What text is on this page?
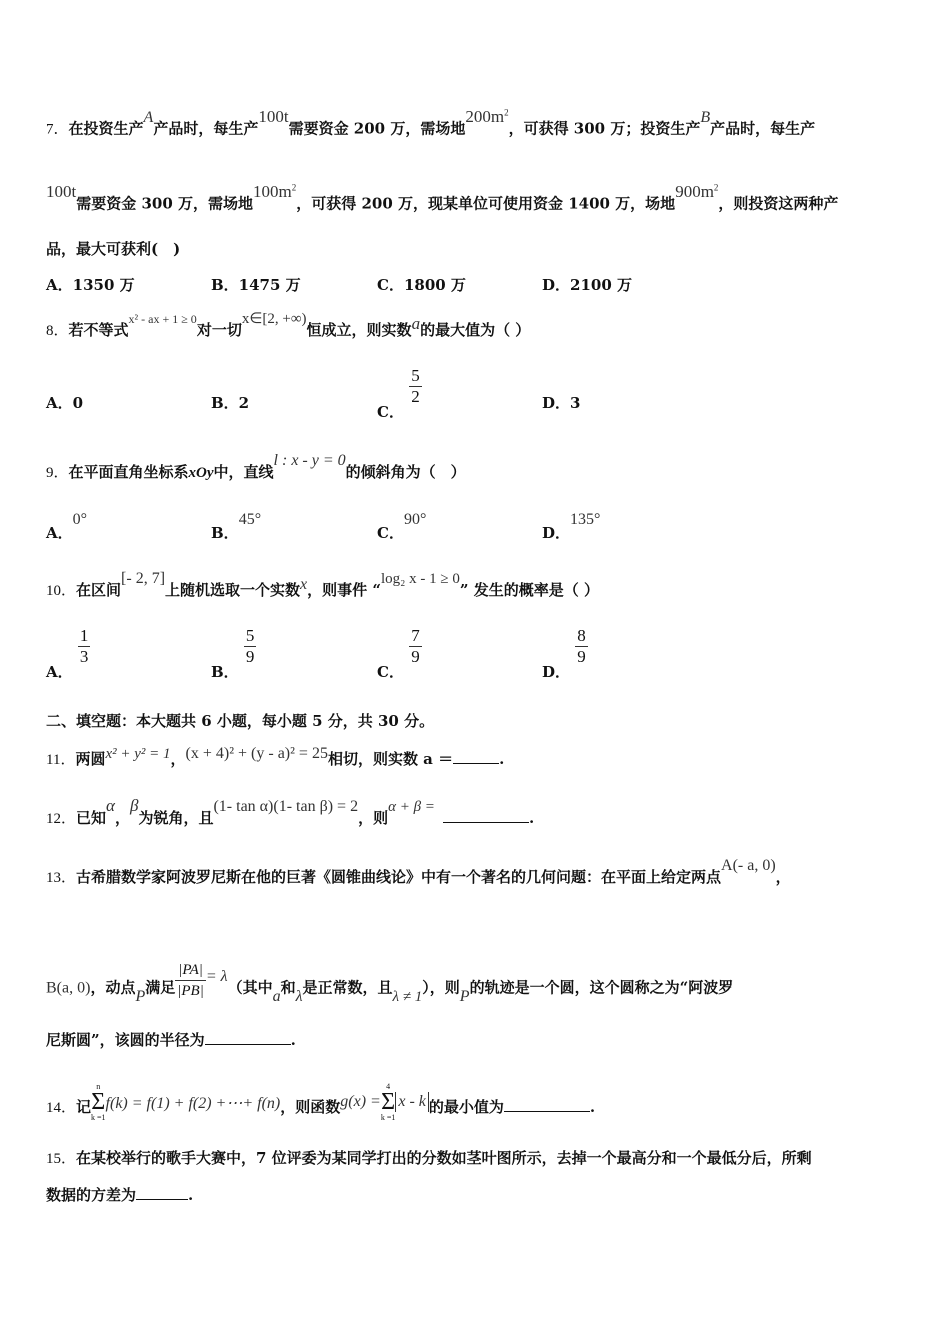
7．在投资生产A产品时，每生产100t需要资金 200 万，需场地$200m^2$，可获得 300 万；投资生产B产品时，每生产
100t需要资金 300 万，需场地$100m^2$，可获得 200 万，现某单位可使用资金 1400 万，场地$900m^2$，则投资这两种产
品，最大可获利(　)
A．1350 万	B．1475 万	C．1800 万	D．2100 万
8．若不等式$^{x^2 - ax + 1 \ge 0}$对一切x∈[2, +∞)恒成立，则实数a的最大值为（ ）
A．0	B．2	C．
$\frac{5}{2}$	D．3
9．在平面直角坐标系xOy中，直线l : x - y = 0的倾斜角为（　）
A．0°
B．45°
C．90°
D．135°
10．在区间[- 2, 7]上随机选取一个实数x，则事件 “log₂ x - 1 ≥ 0” 发生的概率是（ ）
A．
$\frac{1}{3}$
B．
$\frac{5}{9}$
C．
$\frac{7}{9}$
D．
$\frac{8}{9}$
二、填空题：本大题共 6 小题，每小题 5 分，共 30 分。
11．两圆x² + y² = 1，(x + 4)² + (y - a)² = 25相切，则实数 a ＝	.
12．已知α，β为锐角，且(1- tan α)(1- tan β) = 2，则α + β =.
13．古希腊数学家阿波罗尼斯在他的巨著《圆锥曲线论》中有一个著名的几何问题：在平面上给定两点A(- a, 0)，
B(a, 0)，动点P满足 $\frac{|PA|}{|PB|} = \lambda$（其中a和λ是正常数，且λ ≠ 1），则P的轨迹是一个圆，这个圆称之为“阿波罗
尼斯圆”，该圆的半径为	.
14．记
n
Σ
k =1
f(k) = f(1) + f(2) +⋯+ f(n)，则函数g(x) =
4
Σ
k =1
x - k 的最小值为	.
15．在某校举行的歌手大赛中，7 位评委为某同学打出的分数如茎叶图所示，去掉一个最高分和一个最低分后，所剩
数据的方差为	.
